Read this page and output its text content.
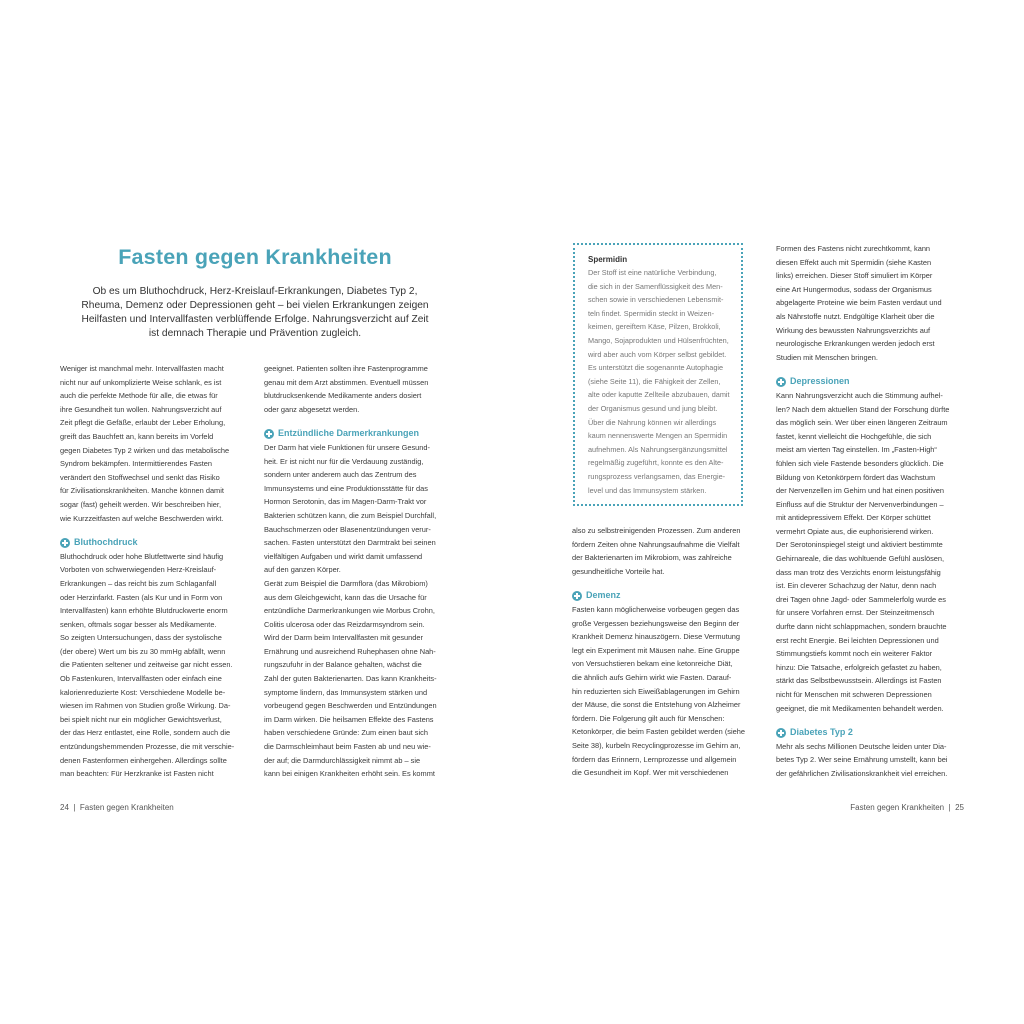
Fasten gegen Krankheiten
Ob es um Bluthochdruck, Herz-Kreislauf-Erkrankungen, Diabetes Typ 2,
Rheuma, Demenz oder Depressionen geht – bei vielen Erkrankungen zeigen
Heilfasten und Intervallfasten verblüffende Erfolge. Nahrungsverzicht auf Zeit
ist demnach Therapie und Prävention zugleich.

Weniger ist manchmal mehr. Intervallfasten macht

nicht nur auf unkomplizierte Weise schlank, es ist

auch die perfekte Methode für alle, die etwas für

ihre Gesundheit tun wollen. Nahrungsverzicht auf

Zeit pflegt die Gefäße, erlaubt der Leber Erholung,

greift das Bauchfett an, kann bereits im Vorfeld

gegen Diabetes Typ 2 wirken und das metabolische

Syndrom bekämpfen. Intermittierendes Fasten

verändert den Stoffwechsel und senkt das Risiko

für Zivilisationskrankheiten. Manche können damit

sogar (fast) geheilt werden. Wir beschreiben hier,

wie Kurzzeitfasten auf welche Beschwerden wirkt.

Bluthochdruck

Bluthochdruck oder hohe Blutfettwerte sind häufig

Vorboten von schwerwiegenden Herz-Kreislauf-

Erkrankungen – das reicht bis zum Schlaganfall

oder Herzinfarkt. Fasten (als Kur und in Form von

Intervallfasten) kann erhöhte Blutdruckwerte enorm

senken, oftmals sogar besser als Medikamente.

So zeigten Untersuchungen, dass der systolische

(der obere) Wert um bis zu 30 mmHg abfällt, wenn

die Patienten seltener und zeitweise gar nicht essen.

Ob Fastenkuren, Intervallfasten oder einfach eine

kalorienreduzierte Kost: Verschiedene Modelle be-

wiesen im Rahmen von Studien große Wirkung. Da-

bei spielt nicht nur ein möglicher Gewichtsverlust,

der das Herz entlastet, eine Rolle, sondern auch die

entzündungshemmenden Prozesse, die mit verschie-

denen Fastenformen einhergehen. Allerdings sollte

man beachten: Für Herzkranke ist Fasten nicht

geeignet. Patienten sollten ihre Fastenprogramme

genau mit dem Arzt abstimmen. Eventuell müssen

blutdrucksenkende Medikamente anders dosiert

oder ganz abgesetzt werden.

Entzündliche Darmerkrankungen

Der Darm hat viele Funktionen für unsere Gesund-

heit. Er ist nicht nur für die Verdauung zuständig,

sondern unter anderem auch das Zentrum des

Immunsystems und eine Produktionsstätte für das

Hormon Serotonin, das im Magen-Darm-Trakt vor

Bakterien schützen kann, die zum Beispiel Durchfall,

Bauchschmerzen oder Blasenentzündungen verur-

sachen. Fasten unterstützt den Darmtrakt bei seinen

vielfältigen Aufgaben und wirkt damit umfassend

auf den ganzen Körper.

Gerät zum Beispiel die Darmflora (das Mikrobiom)

aus dem Gleichgewicht, kann das die Ursache für

entzündliche Darmerkrankungen wie Morbus Crohn,

Colitis ulcerosa oder das Reizdarmsyndrom sein.

Wird der Darm beim Intervallfasten mit gesunder

Ernährung und ausreichend Ruhephasen ohne Nah-

rungszufuhr in der Balance gehalten, wächst die

Zahl der guten Bakterienarten. Das kann Krankheits-

symptome lindern, das Immunsystem stärken und

vorbeugend gegen Beschwerden und Entzündungen

im Darm wirken. Die heilsamen Effekte des Fastens

haben verschiedene Gründe: Zum einen baut sich

die Darmschleimhaut beim Fasten ab und neu wie-

der auf; die Darmdurchlässigkeit nimmt ab – sie

kann bei einigen Krankheiten erhöht sein. Es kommt

Spermidin

Der Stoff ist eine natürliche Verbindung,

die sich in der Samenflüssigkeit des Men-

schen sowie in verschiedenen Lebensmit-

teln findet. Spermidin steckt in Weizen-

keimen, gereiftem Käse, Pilzen, Brokkoli,

Mango, Sojaprodukten und Hülsenfrüchten,

wird aber auch vom Körper selbst gebildet.

Es unterstützt die sogenannte Autophagie

(siehe Seite 11), die Fähigkeit der Zellen,

alte oder kaputte Zellteile abzubauen, damit

der Organismus gesund und jung bleibt.

Über die Nahrung können wir allerdings

kaum nennenswerte Mengen an Spermidin

aufnehmen. Als Nahrungsergänzungsmittel

regelmäßig zugeführt, konnte es den Alte-

rungsprozess verlangsamen, das Energie-

level und das Immunsystem stärken.

also zu selbstreinigenden Prozessen. Zum anderen

fördern Zeiten ohne Nahrungsaufnahme die Vielfalt

der Bakterienarten im Mikrobiom, was zahlreiche

gesundheitliche Vorteile hat.

Demenz

Fasten kann möglicherweise vorbeugen gegen das

große Vergessen beziehungsweise den Beginn der

Krankheit Demenz hinauszögern. Diese Vermutung

legt ein Experiment mit Mäusen nahe. Eine Gruppe

von Versuchstieren bekam eine ketonreiche Diät,

die ähnlich aufs Gehirn wirkt wie Fasten. Darauf-

hin reduzierten sich Eiweißablagerungen im Gehirn

der Mäuse, die sonst die Entstehung von Alzheimer

fördern. Die Folgerung gilt auch für Menschen:

Ketonkörper, die beim Fasten gebildet werden (siehe

Seite 38), kurbeln Recyclingprozesse im Gehirn an,

fördern das Erinnern, Lernprozesse und allgemein

die Gesundheit im Kopf. Wer mit verschiedenen

Formen des Fastens nicht zurechtkommt, kann

diesen Effekt auch mit Spermidin (siehe Kasten

links) erreichen. Dieser Stoff simuliert im Körper

eine Art Hungermodus, sodass der Organismus

abgelagerte Proteine wie beim Fasten verdaut und

als Nährstoffe nutzt. Endgültige Klarheit über die

Wirkung des bewussten Nahrungsverzichts auf

neurologische Erkrankungen werden jedoch erst

Studien mit Menschen bringen.

Depressionen

Kann Nahrungsverzicht auch die Stimmung aufhel-

len? Nach dem aktuellen Stand der Forschung dürfte

das möglich sein. Wer über einen längeren Zeitraum

fastet, kennt vielleicht die Hochgefühle, die sich

meist am vierten Tag einstellen. Im „Fasten-High“

fühlen sich viele Fastende besonders glücklich. Die

Bildung von Ketonkörpern fördert das Wachstum

der Nervenzellen im Gehirn und hat einen positiven

Einfluss auf die Struktur der Nervenverbindungen –

mit antidepressivem Effekt. Der Körper schüttet

vermehrt Opiate aus, die euphorisierend wirken.

Der Serotoninspiegel steigt und aktiviert bestimmte

Gehirnareale, die das wohltuende Gefühl auslösen,

dass man trotz des Verzichts enorm leistungsfähig

ist. Ein cleverer Schachzug der Natur, denn nach

drei Tagen ohne Jagd- oder Sammelerfolg wurde es

für unsere Vorfahren ernst. Der Steinzeitmensch

durfte dann nicht schlappmachen, sondern brauchte

erst recht Energie. Bei leichten Depressionen und

Stimmungstiefs kommt noch ein weiterer Faktor

hinzu: Die Tatsache, erfolgreich gefastet zu haben,

stärkt das Selbstbewusstsein. Allerdings ist Fasten

nicht für Menschen mit schweren Depressionen

geeignet, die mit Medikamenten behandelt werden.

Diabetes Typ 2

Mehr als sechs Millionen Deutsche leiden unter Dia-

betes Typ 2. Wer seine Ernährung umstellt, kann bei

der gefährlichen Zivilisationskrankheit viel erreichen.

24  |  Fasten gegen Krankheiten	Fasten gegen Krankheiten  |  25
